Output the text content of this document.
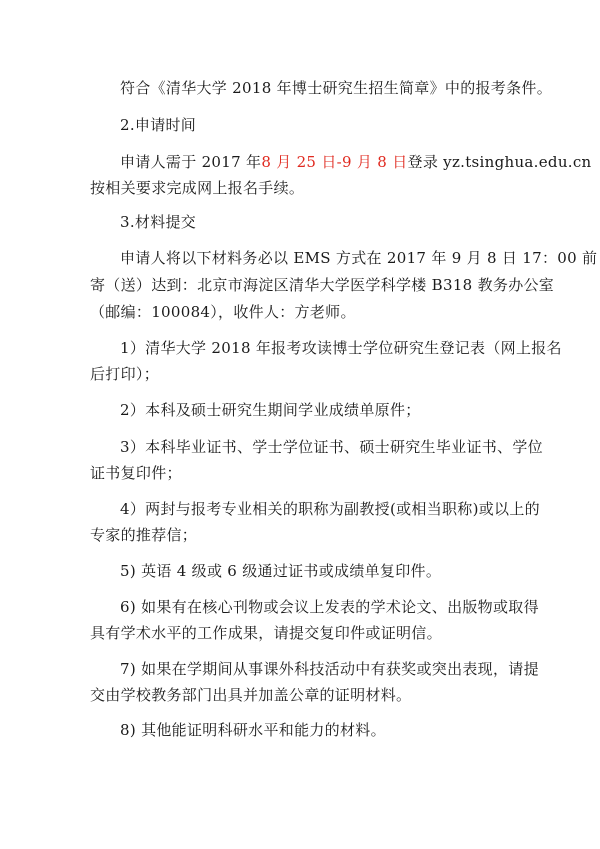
符合《清华大学 2018 年博士研究生招生简章》中的报考条件。
2.申请时间
申请人需于 2017 年8 月 25 日-9 月 8 日登录 yz.tsinghua.edu.cn
按相关要求完成网上报名手续。
3.材料提交
申请人将以下材料务必以 EMS 方式在 2017 年 9 月 8 日 17：00 前
寄（送）达到：北京市海淀区清华大学医学科学楼 B318 教务办公室
（邮编：100084），收件人：方老师。
1）清华大学 2018 年报考攻读博士学位研究生登记表（网上报名
后打印）；
2）本科及硕士研究生期间学业成绩单原件；
3）本科毕业证书、学士学位证书、硕士研究生毕业证书、学位
证书复印件；
4）两封与报考专业相关的职称为副教授(或相当职称)或以上的
专家的推荐信；
5) 英语 4 级或 6 级通过证书或成绩单复印件。
6) 如果有在核心刊物或会议上发表的学术论文、出版物或取得
具有学术水平的工作成果，请提交复印件或证明信。
7) 如果在学期间从事课外科技活动中有获奖或突出表现，请提
交由学校教务部门出具并加盖公章的证明材料。
8) 其他能证明科研水平和能力的材料。
